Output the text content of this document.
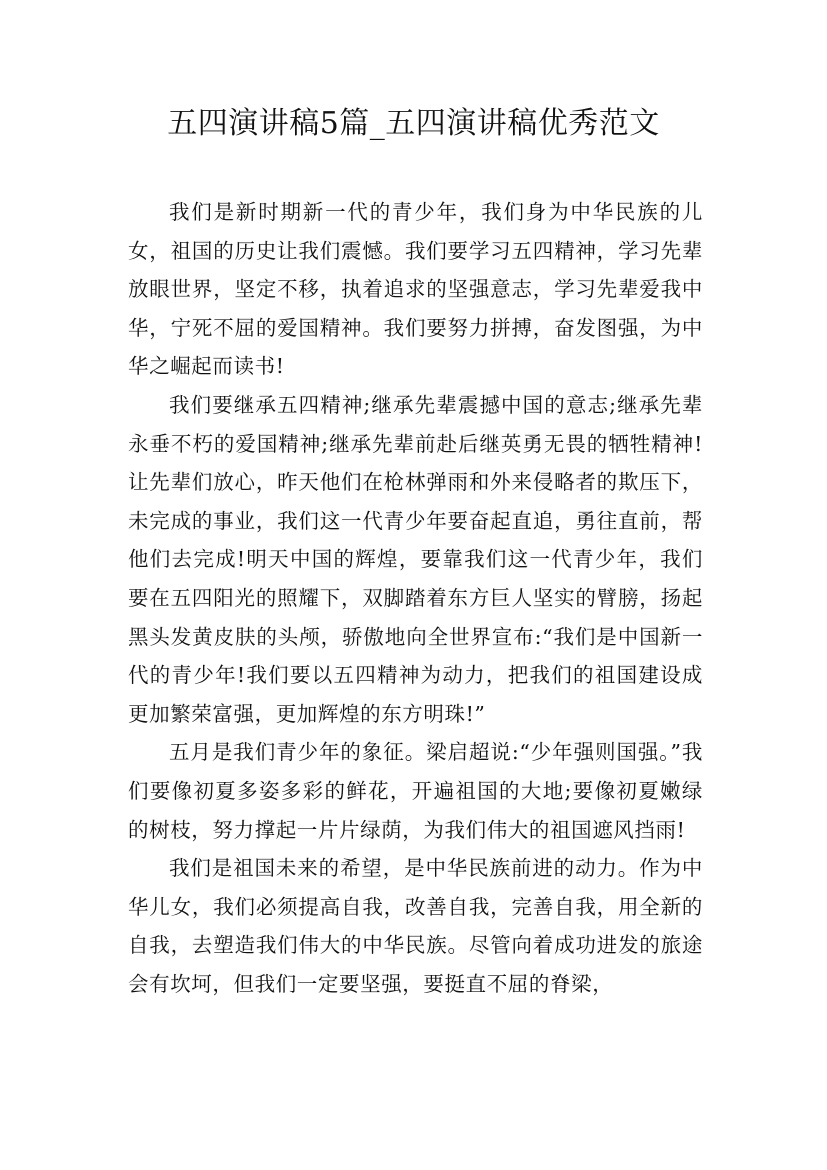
五四演讲稿5篇_五四演讲稿优秀范文

我们是新时期新一代的青少年，我们身为中华民族的儿女，祖国的历史让我们震憾。我们要学习五四精神，学习先辈放眼世界，坚定不移，执着追求的坚强意志，学习先辈爱我中华，宁死不屈的爱国精神。我们要努力拼搏，奋发图强，为中华之崛起而读书!

我们要继承五四精神;继承先辈震撼中国的意志;继承先辈永垂不朽的爱国精神;继承先辈前赴后继英勇无畏的牺牲精神!让先辈们放心，昨天他们在枪林弹雨和外来侵略者的欺压下，未完成的事业，我们这一代青少年要奋起直追，勇往直前，帮他们去完成!明天中国的辉煌，要靠我们这一代青少年，我们要在五四阳光的照耀下，双脚踏着东方巨人坚实的臂膀，扬起黑头发黄皮肤的头颅，骄傲地向全世界宣布:“我们是中国新一代的青少年!我们要以五四精神为动力，把我们的祖国建设成更加繁荣富强，更加辉煌的东方明珠!”

五月是我们青少年的象征。梁启超说:“少年强则国强。”我们要像初夏多姿多彩的鲜花，开遍祖国的大地;要像初夏嫩绿的树枝，努力撑起一片片绿荫，为我们伟大的祖国遮风挡雨!

我们是祖国未来的希望，是中华民族前进的动力。作为中华儿女，我们必须提高自我，改善自我，完善自我，用全新的自我，去塑造我们伟大的中华民族。尽管向着成功进发的旅途会有坎坷，但我们一定要坚强，要挺直不屈的脊梁，
